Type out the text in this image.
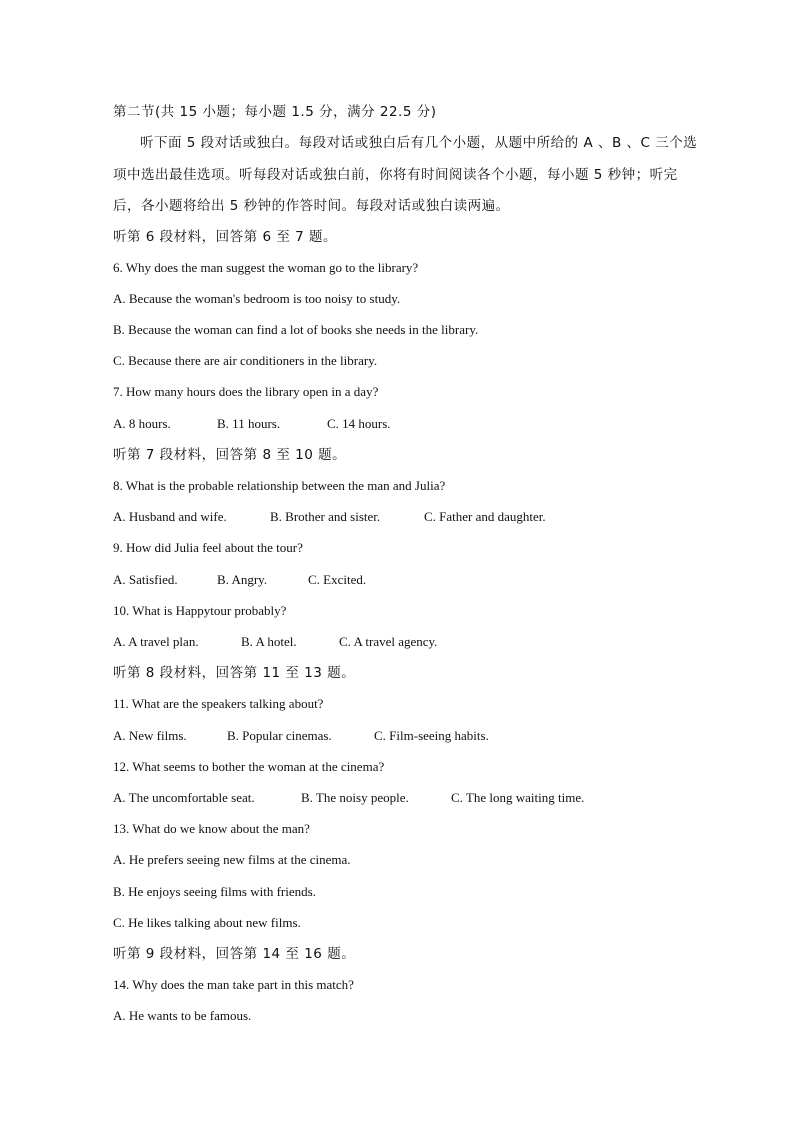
第二节(共 15 小题；每小题 1.5 分，满分 22.5 分)
听下面 5 段对话或独白。每段对话或独白后有几个小题，从题中所给的 A 、B 、C 三个选
项中选出最佳选项。听每段对话或独白前，你将有时间阅读各个小题，每小题 5 秒钟；听完
后，各小题将给出 5 秒钟的作答时间。每段对话或独白读两遍。
听第 6 段材料，回答第 6 至 7 题。
6. Why does the man suggest the woman go to the library?
A. Because the woman's bedroom is too noisy to study.
B. Because the woman can find a lot of books she needs in the library.
C. Because there are air conditioners in the library.
7. How many hours does the library open in a day?
A. 8 hours.	B. 11 hours.	C. 14 hours.
听第 7 段材料，回答第 8 至 10 题。
8. What is the probable relationship between the man and Julia?
A. Husband and wife.	B. Brother and sister.	C. Father and daughter.
9. How did Julia feel about the tour?
A. Satisfied.	B. Angry.	C. Excited.
10. What is Happytour probably?
A. A travel plan.	B. A hotel.	C. A travel agency.
听第 8 段材料，回答第 11 至 13 题。
11. What are the speakers talking about?
A. New films.	B. Popular cinemas.	C. Film-seeing habits.
12. What seems to bother the woman at the cinema?
A. The uncomfortable seat.	B. The noisy people.	C. The long waiting time.
13. What do we know about the man?
A. He prefers seeing new films at the cinema.
B. He enjoys seeing films with friends.
C. He likes talking about new films.
听第 9 段材料，回答第 14 至 16 题。
14. Why does the man take part in this match?
A. He wants to be famous.
